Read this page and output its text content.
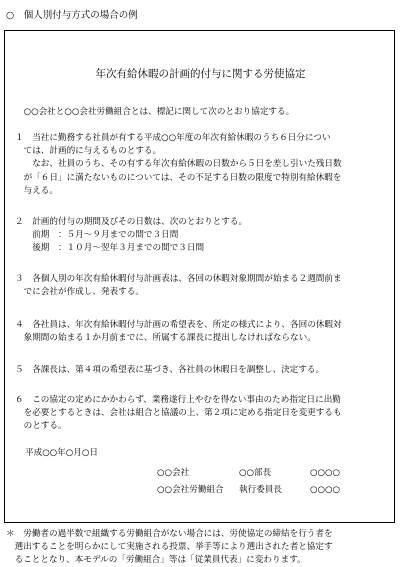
○　個人別付与方式の場合の例
年次有給休暇の計画的付与に関する労使協定
　○○会社と○○会社労働組合とは、標記に関して次のとおり協定する。
１　当社に勤務する社員が有する平成○○年度の年次有給休暇のうち６日分につい
　ては、計画的に与えるものとする。
　　なお、社員のうち、その有する年次有給休暇の日数から５日を差し引いた残日数
　が「６日」に満たないものについては、その不足する日数の限度で特別有給休暇を
　与える。
２　計画的付与の期間及びその日数は、次のとおりとする。
　　前期　：５月～９月までの間で３日間
　　後期　：１０月～翌年３月までの間で３日間
３　各個人別の年次有給休暇付与計画表は、各回の休暇対象期間が始まる２週間前ま
　でに会社が作成し、発表する。
４　各社員は、年次有給休暇付与計画の希望表を、所定の様式により、各回の休暇対
　象期間の始まる１か月前までに、所属する課長に提出しなければならない。
５　各課長は、第４項の希望表に基づき、各社員の休暇日を調整し、決定する。
６　この協定の定めにかかわらず、業務遂行上やむを得ない事由のため指定日に出勤
　を必要とするときは、会社は組合と協議の上、第２項に定める指定日を変更するも
　のとする。
平成○○年○月○日
○○会社	○○部長	○○○○
○○会社労働組合 執行委員長	○○○○
＊　労働者の過半数で組織する労働組合がない場合には、労使協定の締結を行う者を
　選出することを明らかにして実施される投票、挙手等により選出された者と協定す
　ることとなり、本モデルの「労働組合」等は「従業員代表」に変わります。
